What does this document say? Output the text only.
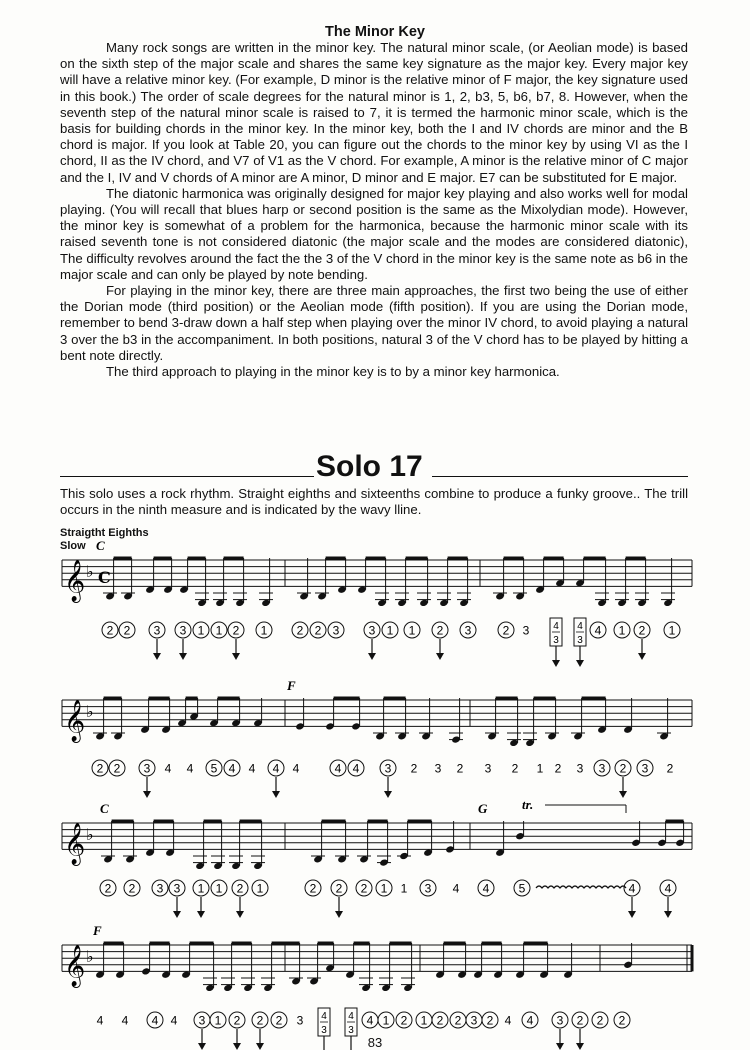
The Minor Key

Many rock songs are written in the minor key. The natural minor scale, (or Aeolian mode) is based on the sixth step of the major scale and shares the same key signature as the major key. Every major key will have a relative minor key. (For example, D minor is the relative minor of F major, the key signature used in this book.) The order of scale degrees for the natural minor is 1, 2, b3, 5, b6, b7, 8. However, when the seventh step of the natural minor scale is raised to 7, it is termed the harmonic minor scale, which is the basis for building chords in the minor key. In the minor key, both the I and IV chords are minor and the B chord is major. If you look at Table 20, you can figure out the chords to the minor key by using VI as the I chord, II as the IV chord, and V7 of V1 as the V chord. For example, A minor is the relative minor of C major and the I, IV and V chords of A minor are A minor, D minor and E major. E7 can be substituted for E major.

The diatonic harmonica was originally designed for major key playing and also works well for modal playing. (You will recall that blues harp or second position is the same as the Mixolydian mode). However, the minor key is somewhat of a problem for the harmonica, because the harmonic minor scale with its raised seventh tone is not considered diatonic (the major scale and the modes are considered diatonic), The difficulty revolves around the fact the the 3 of the V chord in the minor key is the same note as b6 in the major scale and can only be played by note bending.

For playing in the minor key, there are three main approaches, the first two being the use of either the Dorian mode (third position) or the Aeolian mode (fifth position). If you are using the Dorian mode, remember to bend 3-draw down a half step when playing over the minor IV chord, to avoid playing a natural 3 over the b3 in the accompaniment. In both positions, natural 3 of the V chord has to be played by hitting a bent note directly.

The third approach to playing in the minor key is to by a minor key harmonica.

Solo 17
This solo uses a rock rhythm. Straight eighths and sixteenths combine to produce a funky groove.. The trill occurs in the ninth measure and is indicated by the wavy lline.
Straigtht Eighths
Slow
𝄞 ♭ C
C
2 2 3 3 1 1 2 1 2 2 3 3 1 1 2 3	2 3 4
3
4
3
4 1 2 1
𝄞 ♭
F
2 2 3 4 4 5 4 4 4 4	4 4 3 2 3 2 3 2 1 2 3 3 2 3 2
𝄞 ♭
C	G	tr.
2 2 3 3 1 1 2 1	2 2 2 1 1 3 4 4 5	4 4
𝄞 ♭
F
4 4 4 4 3 1 2 2 2 3 4
3
4
3
4 1 2 1 2 2 3 2 4 4 3 2 2 2
83
